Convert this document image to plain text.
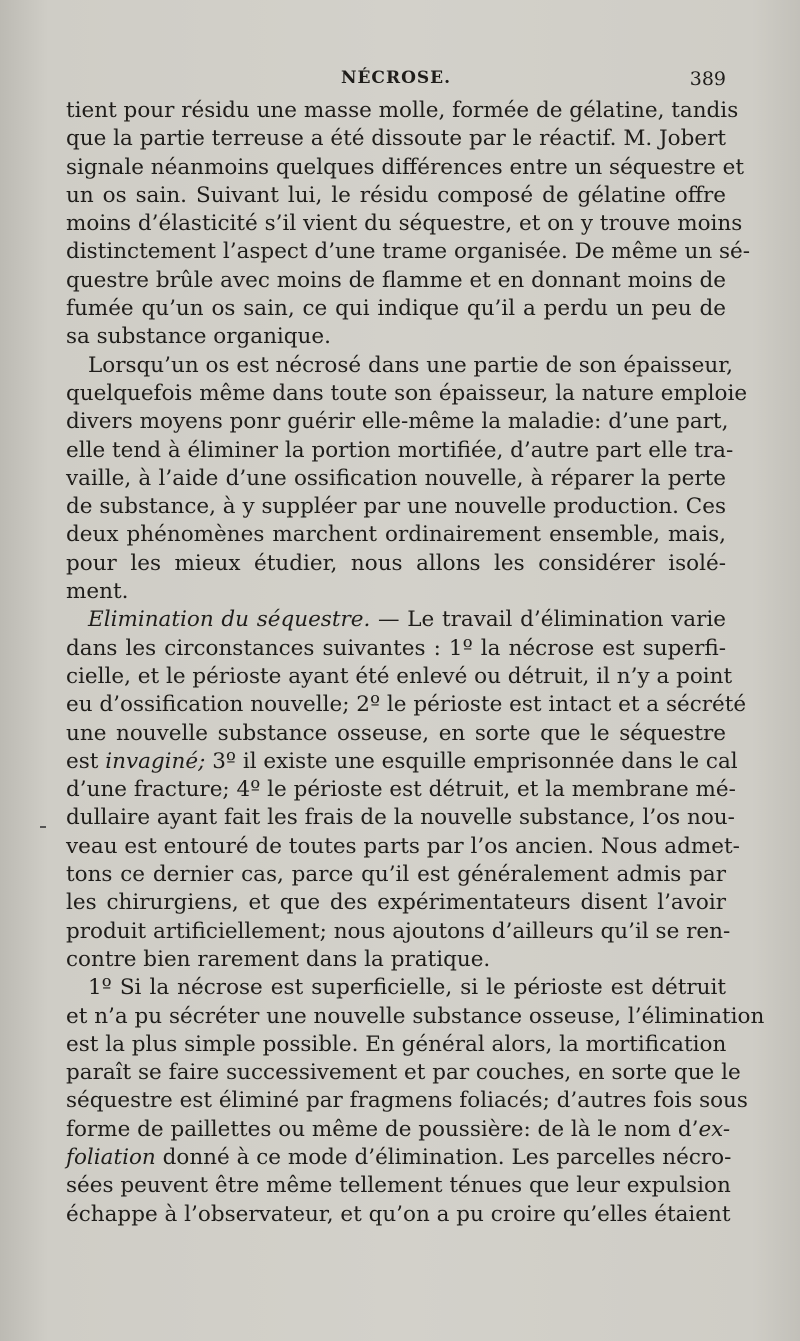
NÉCROSE.	389
tient pour résidu une masse molle, formée de gélatine, tandis
que la partie terreuse a été dissoute par le réactif. M. Jobert
signale néanmoins quelques différences entre un séquestre et
un os sain. Suivant lui, le résidu composé de gélatine offre
moins d’élasticité s’il vient du séquestre, et on y trouve moins
distinctement l’aspect d’une trame organisée. De même un sé-
questre brûle avec moins de flamme et en donnant moins de
fumée qu’un os sain, ce qui indique qu’il a perdu un peu de
sa substance organique.
Lorsqu’un os est nécrosé dans une partie de son épaisseur,
quelquefois même dans toute son épaisseur, la nature emploie
divers moyens ponr guérir elle-même la maladie: d’une part,
elle tend à éliminer la portion mortifiée, d’autre part elle tra-
vaille, à l’aide d’une ossification nouvelle, à réparer la perte
de substance, à y suppléer par une nouvelle production. Ces
deux phénomènes marchent ordinairement ensemble, mais,
pour les mieux étudier, nous allons les considérer isolé-
ment.
Elimination du séquestre. — Le travail d’élimination varie
dans les circonstances suivantes : 1º la nécrose est superfi-
cielle, et le périoste ayant été enlevé ou détruit, il n’y a point
eu d’ossification nouvelle; 2º le périoste est intact et a sécrété
une nouvelle substance osseuse, en sorte que le séquestre
est invaginé; 3º il existe une esquille emprisonnée dans le cal
d’une fracture; 4º le périoste est détruit, et la membrane mé-
dullaire ayant fait les frais de la nouvelle substance, l’os nou-
veau est entouré de toutes parts par l’os ancien. Nous admet-
tons ce dernier cas, parce qu’il est généralement admis par
les chirurgiens, et que des expérimentateurs disent l’avoir
produit artificiellement; nous ajoutons d’ailleurs qu’il se ren-
contre bien rarement dans la pratique.
1º Si la nécrose est superficielle, si le périoste est détruit
et n’a pu sécréter une nouvelle substance osseuse, l’élimination
est la plus simple possible. En général alors, la mortification
paraît se faire successivement et par couches, en sorte que le
séquestre est éliminé par fragmens foliacés; d’autres fois sous
forme de paillettes ou même de poussière: de là le nom d’ex-
foliation donné à ce mode d’élimination. Les parcelles nécro-
sées peuvent être même tellement ténues que leur expulsion
échappe à l’observateur, et qu’on a pu croire qu’elles étaient
